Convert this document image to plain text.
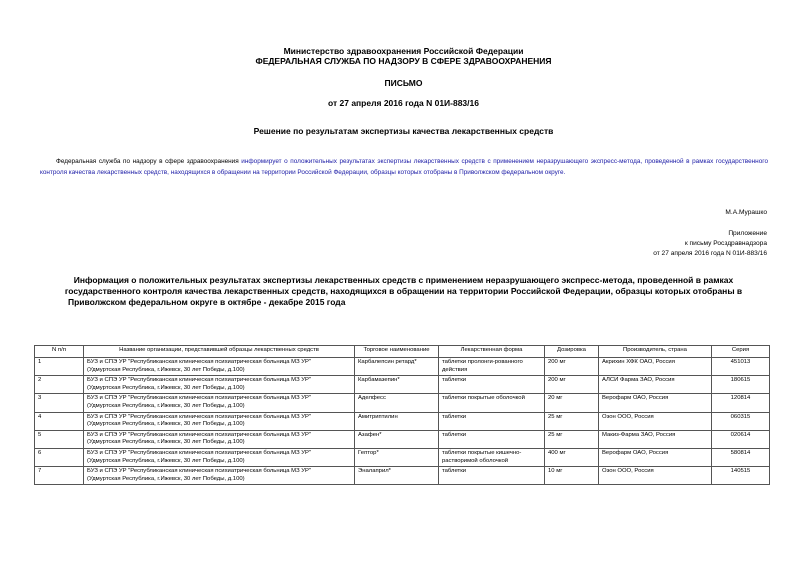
Министерство здравоохранения Российской Федерации
ФЕДЕРАЛЬНАЯ СЛУЖБА ПО НАДЗОРУ В СФЕРЕ ЗДРАВООХРАНЕНИЯ
ПИСЬМО
от 27 апреля 2016 года N 01И-883/16
Решение по результатам экспертизы качества лекарственных средств
Федеральная служба по надзору в сфере здравоохранения информирует о положительных результатах экспертизы лекарственных средств с применением неразрушающего экспресс-метода, проведенной в рамках государственного контроля качества лекарственных средств, находящихся в обращении на территории Российской Федерации, образцы которых отобраны в Приволжском федеральном округе.
М.А.Мурашко
Приложение
к письму Росздравнадзора
от 27 апреля 2016 года N 01И-883/16
Информация о положительных результатах экспертизы лекарственных средств с применением неразрушающего экспресс-метода, проведенной в рамках
государственного контроля качества лекарственных средств, находящихся в обращении на территории Российской Федерации, образцы которых отобраны в
Приволжском федеральном округе в октябре - декабре 2015 года
N п/п	Название организации, представившей образцы лекарственных средств	Торговое наименование	Лекарственная форма	Дозировка	Производитель, страна	Серия
1	БУЗ и СПЭ УР "Республиканская клиническая психиатрическая больница МЗ УР"
(Удмуртская Республика, г.Ижевск, 30 лет Победы, д.100)	Карбалепсин ретард*	таблетки пролонги-рованного действия	200 мг	Акрихин ХФК ОАО, Россия	451013
2	БУЗ и СПЭ УР "Республиканская клиническая психиатрическая больница МЗ УР"
(Удмуртская Республика, г.Ижевск, 30 лет Победы, д.100)	Карбамазепин*	таблетки	200 мг	АЛСИ Фарма ЗАО, Россия	180615
3	БУЗ и СПЭ УР "Республиканская клиническая психиатрическая больница МЗ УР"
(Удмуртская Республика, г.Ижевск, 30 лет Победы, д.100)	Аделфесс	таблетки покрытые оболочкой	20 мг	Верофарм ОАО, Россия	120814
4	БУЗ и СПЭ УР "Республиканская клиническая психиатрическая больница МЗ УР"
(Удмуртская Республика, г.Ижевск, 30 лет Победы, д.100)	Амитриптилин	таблетки	25 мг	Озон ООО, Россия	060315
5	БУЗ и СПЭ УР "Республиканская клиническая психиатрическая больница МЗ УР"
(Удмуртская Республика, г.Ижевск, 30 лет Победы, д.100)	Азафен*	таблетки	25 мг	Макиз-Фарма ЗАО, Россия	020614
6	БУЗ и СПЭ УР "Республиканская клиническая психиатрическая больница МЗ УР"
(Удмуртская Республика, г.Ижевск, 30 лет Победы, д.100)	Гептор*	таблетки покрытые кишечно-растворимой оболочкой	400 мг	Верофарм ОАО, Россия	580814
7	БУЗ и СПЭ УР "Республиканская клиническая психиатрическая больница МЗ УР"
(Удмуртская Республика, г.Ижевск, 30 лет Победы, д.100)	Эналаприл*	таблетки	10 мг	Озон ООО, Россия	140515
